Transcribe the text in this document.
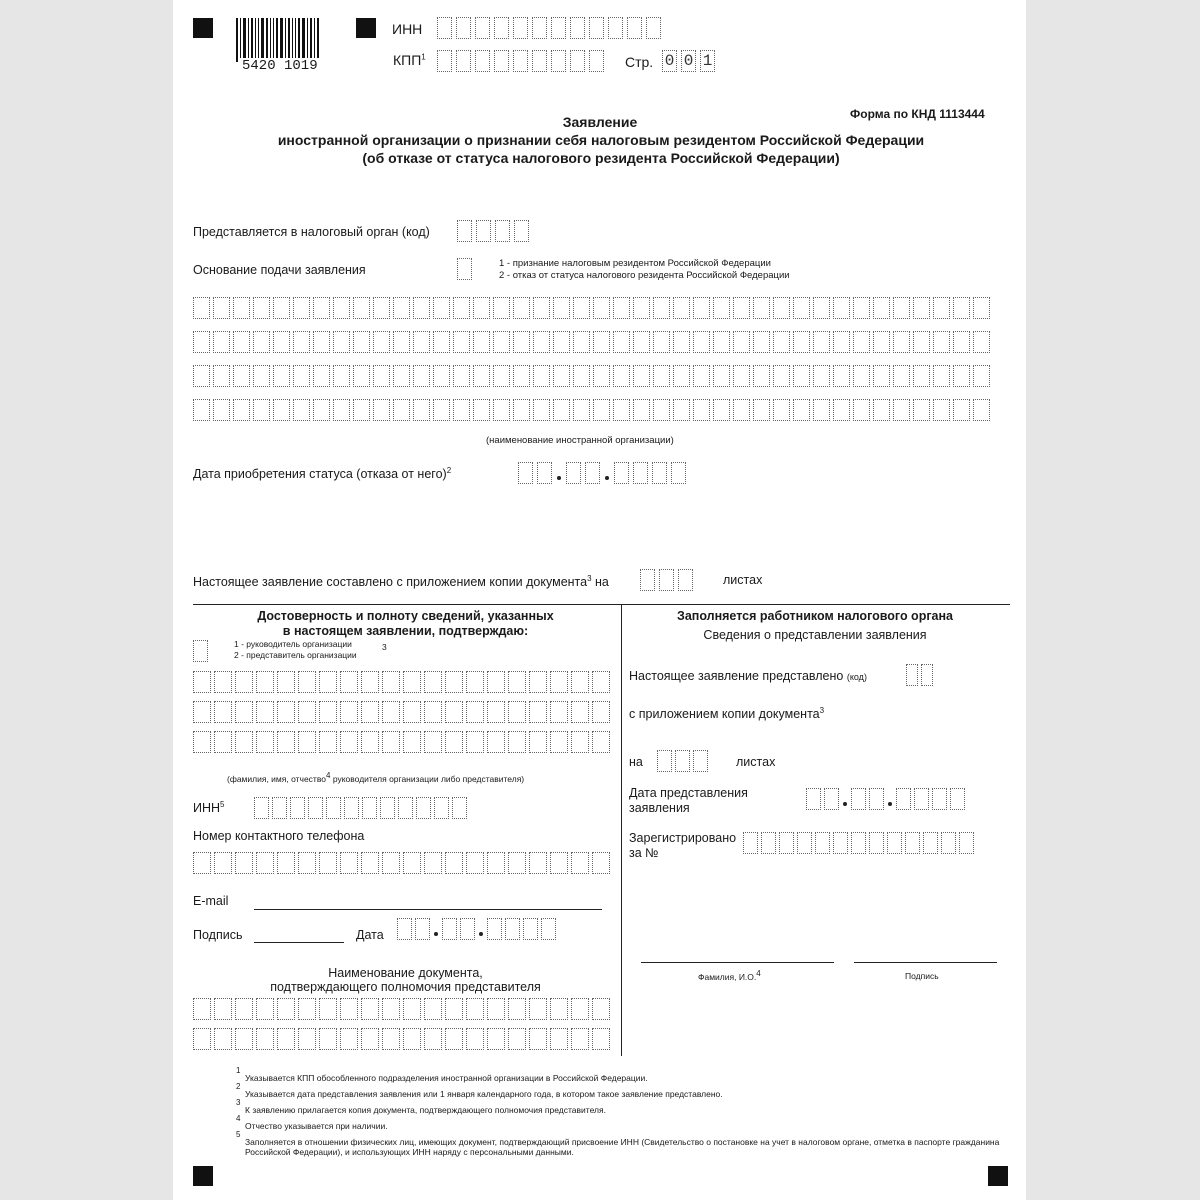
5420 1019
ИНН
КПП$^1$	Стр. 0 0 1
Форма по КНД 1113444
Заявление
иностранной организации о признании себя налоговым резидентом Российской Федерации
(об отказе от статуса налогового резидента Российской Федерации)
Представляется в налоговый орган (код)
Основание подачи заявления	1 - признание налоговым резидентом Российской Федерации
2 - отказ от статуса налогового резидента Российской Федерации
(наименование иностранной организации)
Дата приобретения статуса (отказа от него)$^2$
Настоящее заявление составлено с приложением копии документа$^3$ на	листах
Достоверность и полноту сведений, указанных
в настоящем заявлении, подтверждаю:
1 - руководитель организации
2 - представитель организации
3
(фамилия, имя, отчество4 руководителя организации либо представителя)
ИНН$^5$
Номер контактного телефона
E-mail
Подпись	Дата
Наименование документа,
подтверждающего полномочия представителя
Заполняется работником налогового органа
Сведения о представлении заявления
Настоящее заявление представлено (код)
с приложением копии документа$^3$
на	листах
Дата представления
заявления
Зарегистрировано
за №
Фамилия, И.О.4	Подпись
1
Указывается КПП обособленного подразделения иностранной организации в Российской Федерации.
2
Указывается дата представления заявления или 1 января календарного года, в котором такое заявление представлено.
3
К заявлению прилагается копия документа, подтверждающего полномочия представителя.
4
Отчество указывается при наличии.
5
Заполняется в отношении физических лиц, имеющих документ, подтверждающий присвоение ИНН (Свидетельство о постановке на учет в налоговом органе, отметка в паспорте гражданина Российской Федерации), и использующих ИНН наряду с персональными данными.
